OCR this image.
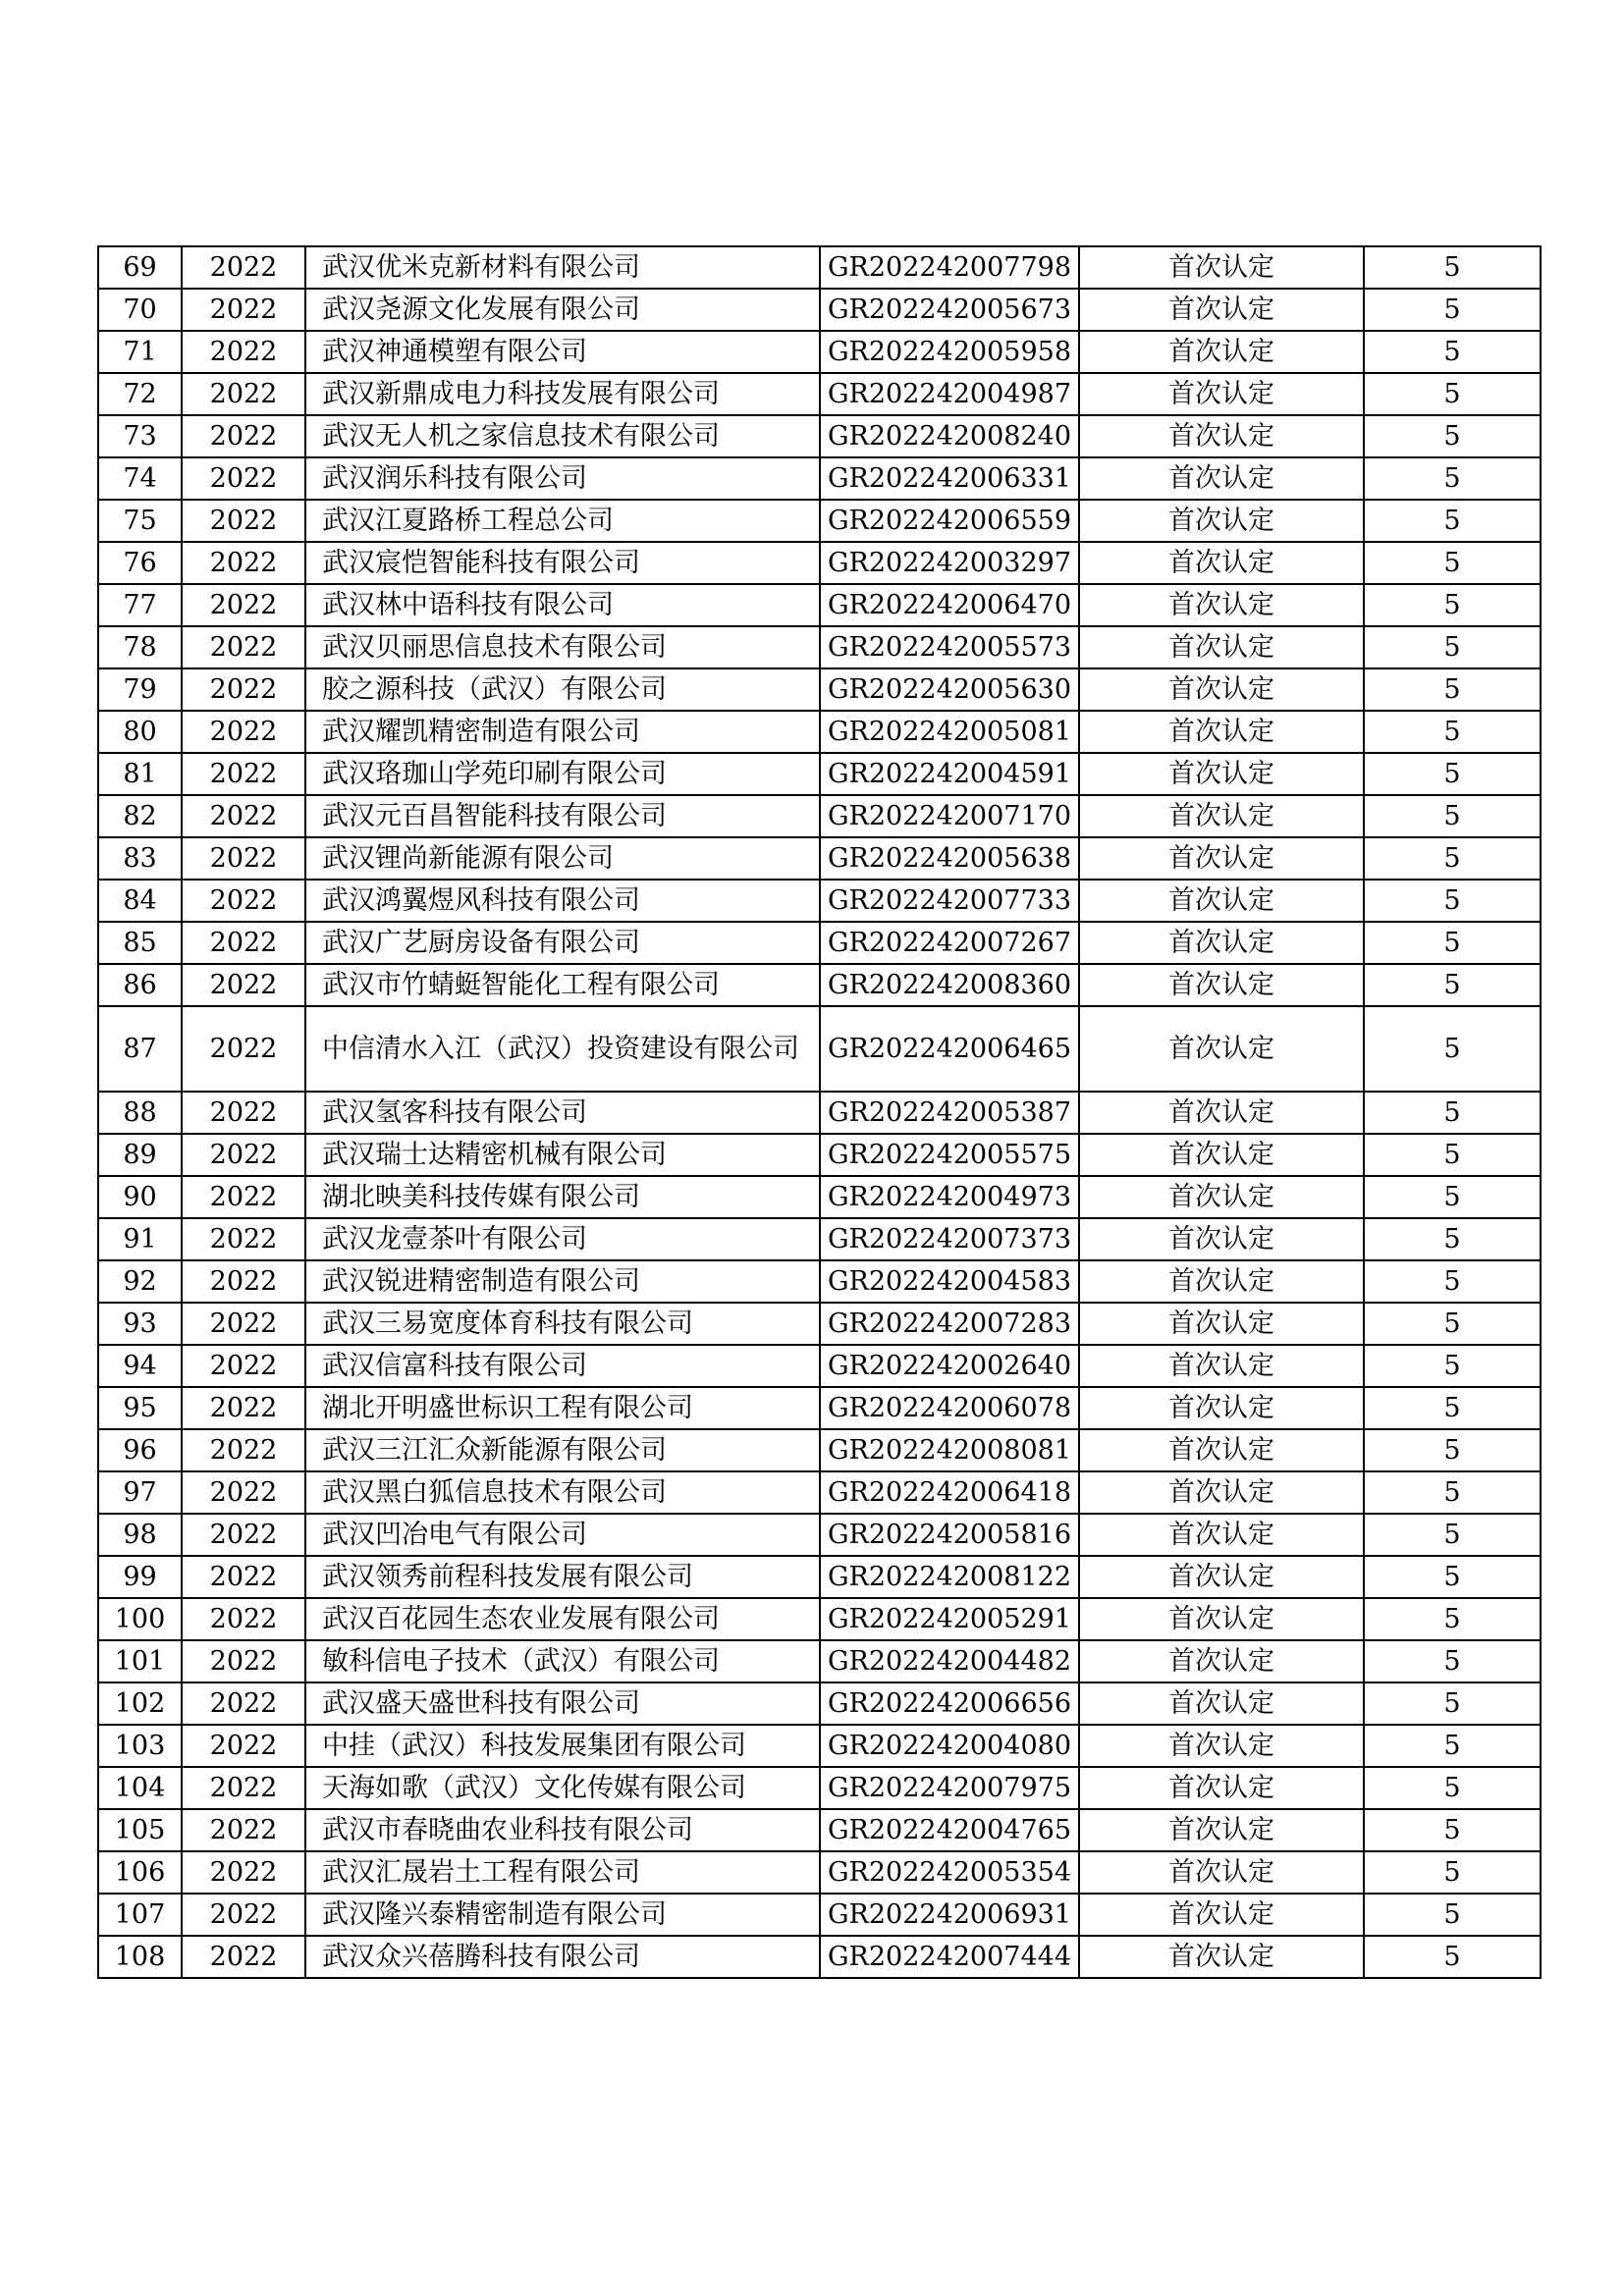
69	2022	武汉优米克新材料有限公司	GR202242007798	首次认定	5
70	2022	武汉尧源文化发展有限公司	GR202242005673	首次认定	5
71	2022	武汉神通模塑有限公司	GR202242005958	首次认定	5
72	2022	武汉新鼎成电力科技发展有限公司	GR202242004987	首次认定	5
73	2022	武汉无人机之家信息技术有限公司	GR202242008240	首次认定	5
74	2022	武汉润乐科技有限公司	GR202242006331	首次认定	5
75	2022	武汉江夏路桥工程总公司	GR202242006559	首次认定	5
76	2022	武汉宸恺智能科技有限公司	GR202242003297	首次认定	5
77	2022	武汉林中语科技有限公司	GR202242006470	首次认定	5
78	2022	武汉贝丽思信息技术有限公司	GR202242005573	首次认定	5
79	2022	胶之源科技（武汉）有限公司	GR202242005630	首次认定	5
80	2022	武汉耀凯精密制造有限公司	GR202242005081	首次认定	5
81	2022	武汉珞珈山学苑印刷有限公司	GR202242004591	首次认定	5
82	2022	武汉元百昌智能科技有限公司	GR202242007170	首次认定	5
83	2022	武汉锂尚新能源有限公司	GR202242005638	首次认定	5
84	2022	武汉鸿翼煜风科技有限公司	GR202242007733	首次认定	5
85	2022	武汉广艺厨房设备有限公司	GR202242007267	首次认定	5
86	2022	武汉市竹蜻蜓智能化工程有限公司	GR202242008360	首次认定	5
87	2022	中信清水入江（武汉）投资建设有限公司	GR202242006465	首次认定	5
88	2022	武汉氢客科技有限公司	GR202242005387	首次认定	5
89	2022	武汉瑞士达精密机械有限公司	GR202242005575	首次认定	5
90	2022	湖北映美科技传媒有限公司	GR202242004973	首次认定	5
91	2022	武汉龙壹茶叶有限公司	GR202242007373	首次认定	5
92	2022	武汉锐进精密制造有限公司	GR202242004583	首次认定	5
93	2022	武汉三易宽度体育科技有限公司	GR202242007283	首次认定	5
94	2022	武汉信富科技有限公司	GR202242002640	首次认定	5
95	2022	湖北开明盛世标识工程有限公司	GR202242006078	首次认定	5
96	2022	武汉三江汇众新能源有限公司	GR202242008081	首次认定	5
97	2022	武汉黑白狐信息技术有限公司	GR202242006418	首次认定	5
98	2022	武汉凹冶电气有限公司	GR202242005816	首次认定	5
99	2022	武汉领秀前程科技发展有限公司	GR202242008122	首次认定	5
100	2022	武汉百花园生态农业发展有限公司	GR202242005291	首次认定	5
101	2022	敏科信电子技术（武汉）有限公司	GR202242004482	首次认定	5
102	2022	武汉盛天盛世科技有限公司	GR202242006656	首次认定	5
103	2022	中挂（武汉）科技发展集团有限公司	GR202242004080	首次认定	5
104	2022	天海如歌（武汉）文化传媒有限公司	GR202242007975	首次认定	5
105	2022	武汉市春晓曲农业科技有限公司	GR202242004765	首次认定	5
106	2022	武汉汇晟岩土工程有限公司	GR202242005354	首次认定	5
107	2022	武汉隆兴泰精密制造有限公司	GR202242006931	首次认定	5
108	2022	武汉众兴蓓腾科技有限公司	GR202242007444	首次认定	5
